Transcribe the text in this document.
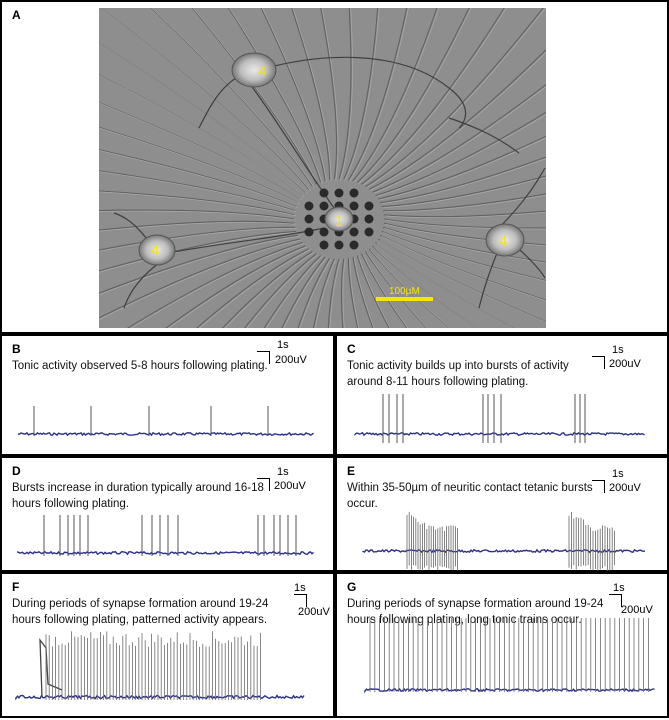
A
4
1
4
4
100µM
B
Tonic activity observed 5-8 hours following plating.
1s
200uV
C
Tonic activity builds up into bursts of activity
around 8-11 hours following plating.
1s
200uV
D
Bursts increase in duration typically around 16-18
hours following plating.
1s
200uV
E
Within 35-50µm of neuritic contact tetanic bursts
occur.
1s
200uV
F
During periods of synapse formation around 19-24
hours following plating, patterned activity appears.
1s
200uV
G
During periods of synapse formation around 19-24
hours following plating, long tonic trains occur.
1s
200uV
